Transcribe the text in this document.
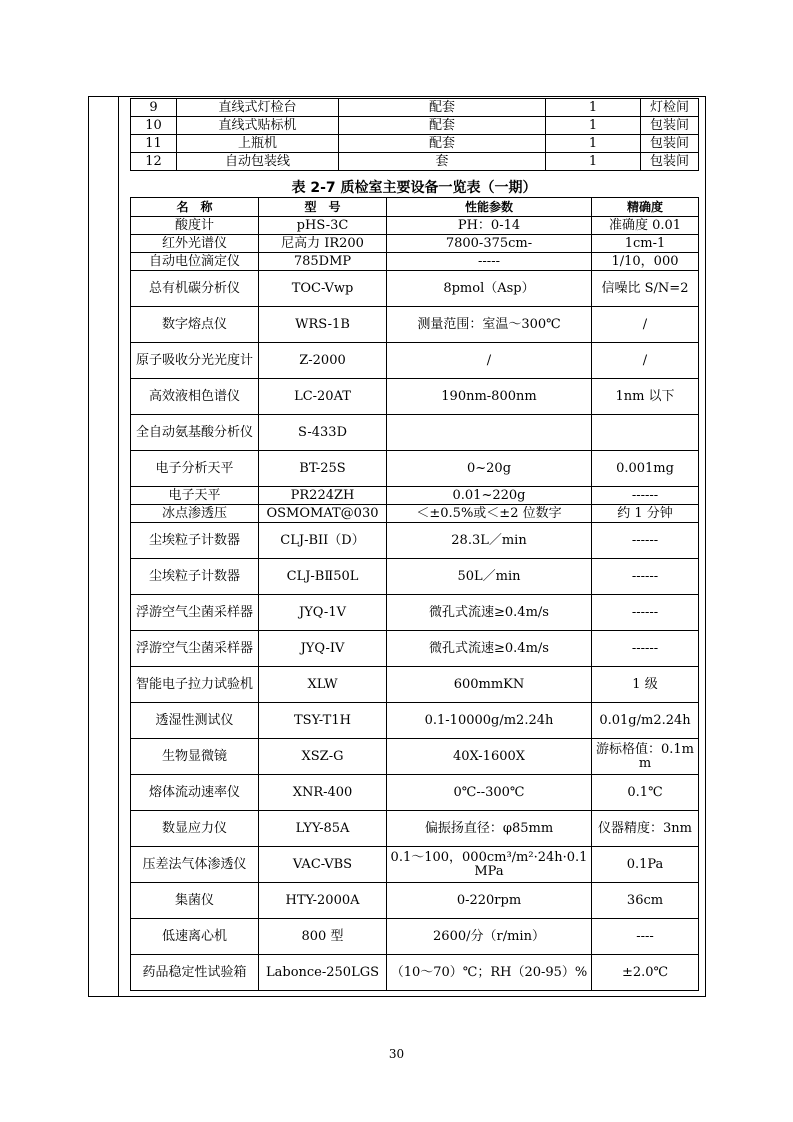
9	直线式灯检台	配套	1	灯检间
10	直线式贴标机	配套	1	包装间
11	上瓶机	配套	1	包装间
12	自动包装线	套	1	包装间
表 2-7 质检室主要设备一览表（一期）
名　称	型　号	性能参数	精确度
酸度计	pHS-3C	PH：0-14	准确度 0.01
红外光谱仪	尼高力 IR200	7800-375cm-	1cm-1
自动电位滴定仪	785DMP	-----	1/10，000
总有机碳分析仪	TOC-Vwp	8pmol（Asp）	信噪比 S/N=2
数字熔点仪	WRS-1B	测量范围：室温～300℃	/
原子吸收分光光度计	Z-2000	/	/
高效液相色谱仪	LC-20AT	190nm-800nm	1nm 以下
全自动氨基酸分析仪	S-433D		
电子分析天平	BT-25S	0~20g	0.001mg
电子天平	PR224ZH	0.01~220g	------
冰点渗透压	OSMOMAT@030	＜±0.5%或＜±2 位数字	约 1 分钟
尘埃粒子计数器	CLJ-BII（D）	28.3L／min	------
尘埃粒子计数器	CLJ-BⅡ50L	50L／min	------
浮游空气尘菌采样器	JYQ-1V	微孔式流速≥0.4m/s	------
浮游空气尘菌采样器	JYQ-IV	微孔式流速≥0.4m/s	------
智能电子拉力试验机	XLW	600mmKN	1 级
透湿性测试仪	TSY-T1H	0.1-10000g/m2.24h	0.01g/m2.24h
生物显微镜	XSZ-G	40X-1600X	游标格值：0.1mm
熔体流动速率仪	XNR-400	0℃--300℃	0.1℃
数显应力仪	LYY-85A	偏振扬直径：φ85mm	仪器精度：3nm
压差法气体渗透仪	VAC-VBS	0.1～100，000cm³/m²·24h·0.1MPa	0.1Pa
集菌仪	HTY-2000A	0-220rpm	36cm
低速离心机	800 型	2600/分（r/min）	----
药品稳定性试验箱	Labonce-250LGS	（10～70）℃；RH（20-95）%	±2.0℃
30
